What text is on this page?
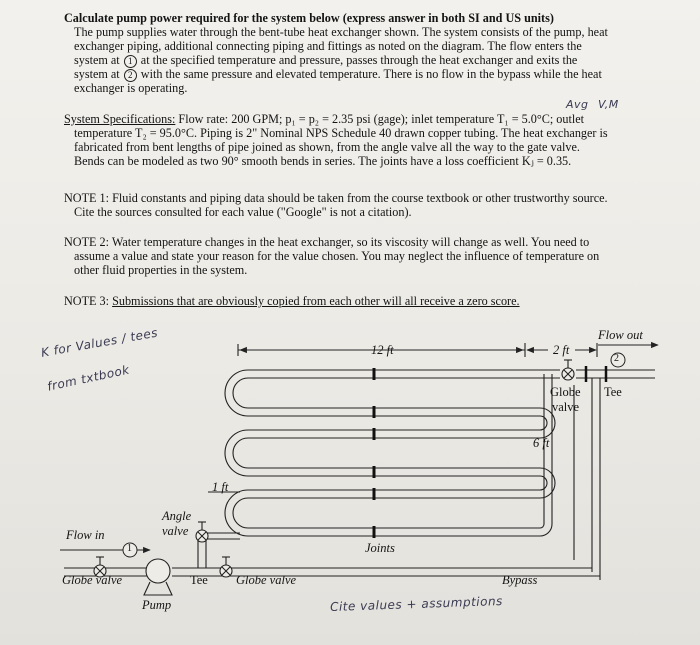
Calculate pump power required for the system below (express answer in both SI and US units)
The pump supplies water through the bent-tube heat exchanger shown. The system consists of the pump, heat
exchanger piping, additional connecting piping and fittings as noted on the diagram. The flow enters the
system at 1 at the specified temperature and pressure, passes through the heat exchanger and exits the
system at 2 with the same pressure and elevated temperature. There is no flow in the bypass while the heat
exchanger is operating.
Avg V,M
System Specifications: Flow rate: 200 GPM; p₁ = p₂ = 2.35 psi (gage); inlet temperature T₁ = 5.0°C; outlet
temperature T₂ = 95.0°C. Piping is 2" Nominal NPS Schedule 40 drawn copper tubing. The heat exchanger is
fabricated from bent lengths of pipe joined as shown, from the angle valve all the way to the gate valve.
Bends can be modeled as two 90° smooth bends in series. The joints have a loss coefficient Kⱼ = 0.35.
NOTE 1: Fluid constants and piping data should be taken from the course textbook or other trustworthy source.
Cite the sources consulted for each value ("Google" is not a citation).
NOTE 2: Water temperature changes in the heat exchanger, so its viscosity will change as well. You need to
assume a value and state your reason for the value chosen. You may neglect the influence of temperature on
other fluid properties in the system.
NOTE 3: Submissions that are obviously copied from each other will all receive a zero score.
K for Values / tees
from txtbook
Cite values + assumptions
Flow out
2
1
12 ft	2 ft
6 ft
1 ft
Globe
valve
Tee
Angle
valve
Flow in
Globe valve	Tee Globe valve
Pump
Joints
Bypass
